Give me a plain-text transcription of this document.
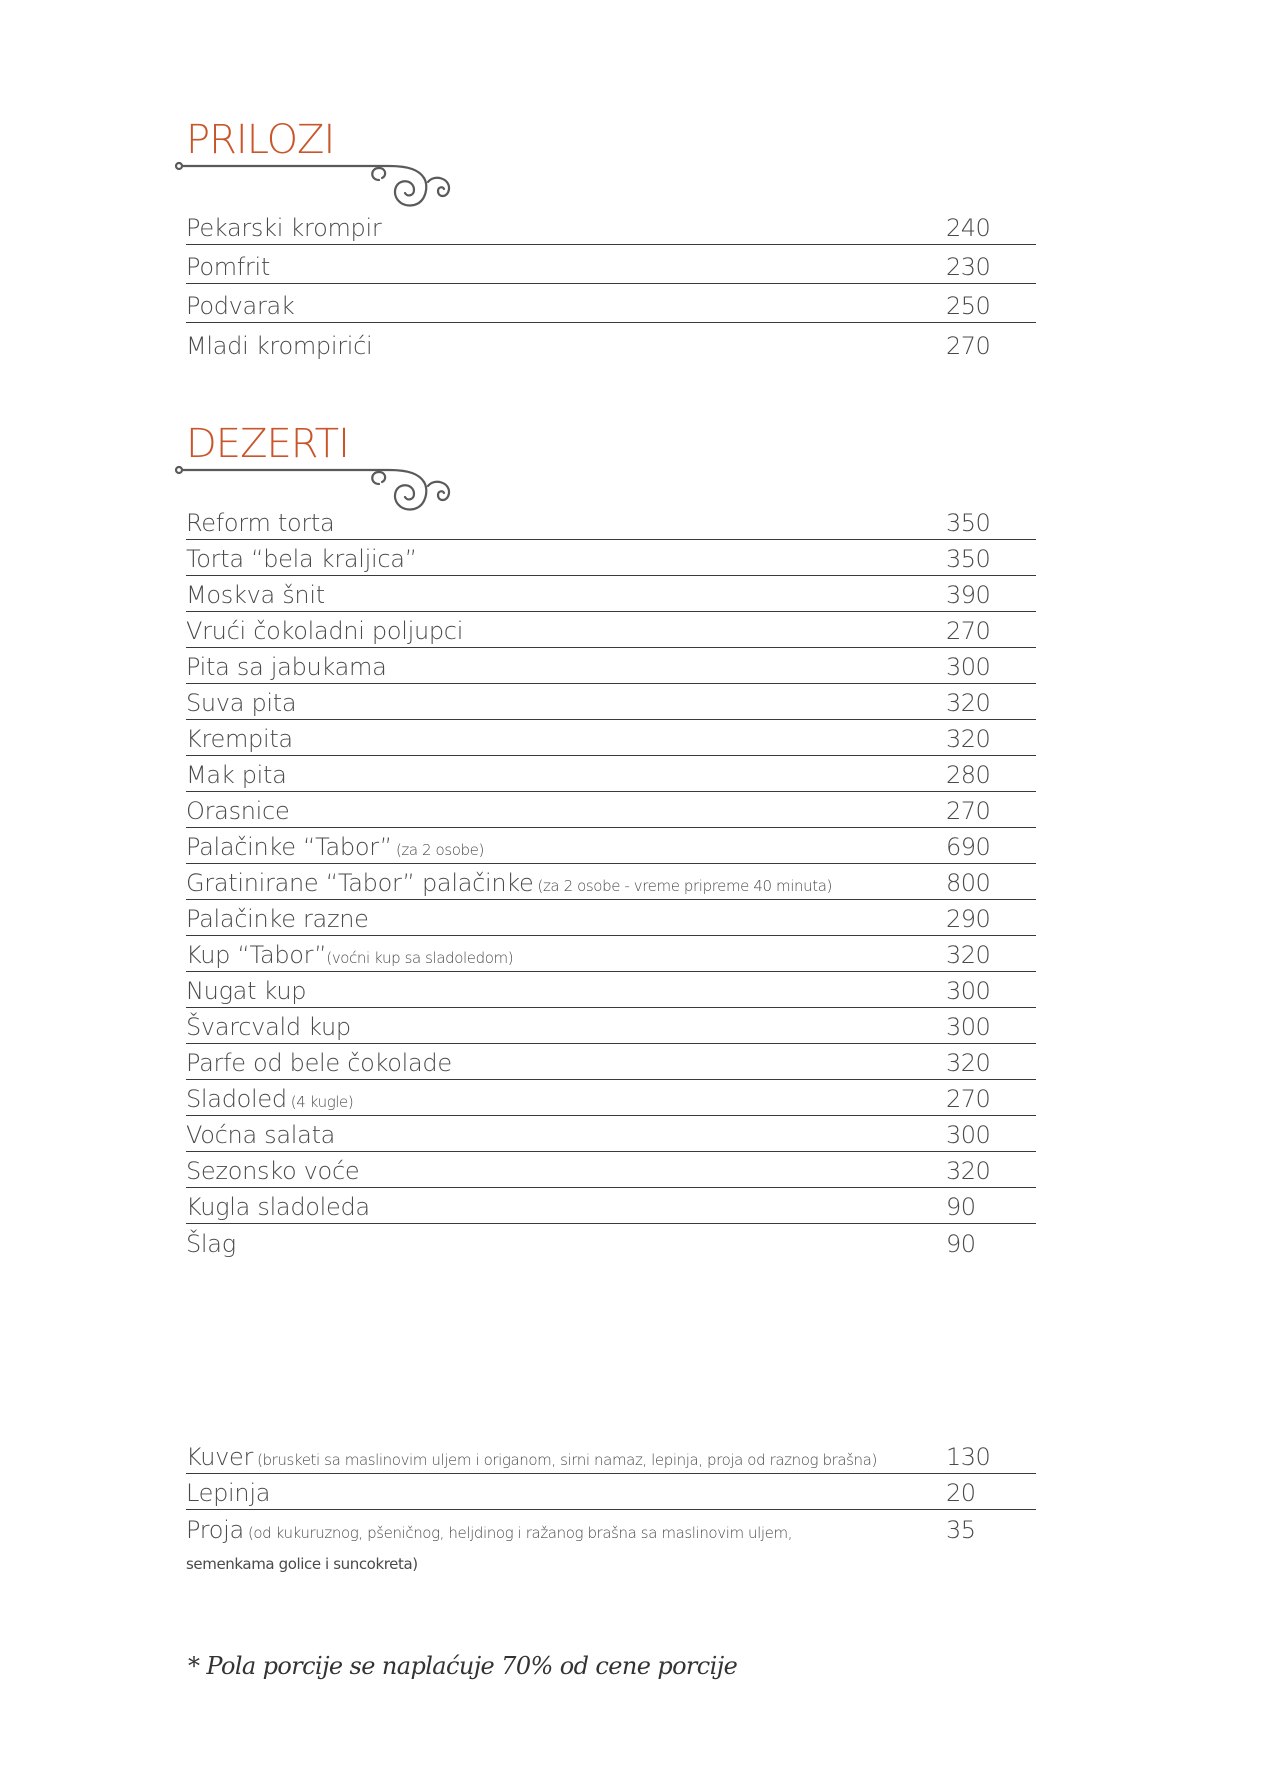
PRILOZI
Pekarski krompir	240
Pomfrit	230
Podvarak	250
Mladi krompirići	270
DEZERTI
Reform torta	350
Torta “bela kraljica”	350
Moskva šnit	390
Vrući čokoladni poljupci	270
Pita sa jabukama	300
Suva pita	320
Krempita	320
Mak pita	280
Orasnice	270
Palačinke “Tabor” (za 2 osobe)	690
Gratinirane “Tabor” palačinke (za 2 osobe - vreme pripreme 40 minuta)	800
Palačinke razne	290
Kup “Tabor”(voćni kup sa sladoledom)	320
Nugat kup	300
Švarcvald kup	300
Parfe od bele čokolade	320
Sladoled (4 kugle)	270
Voćna salata	300
Sezonsko voće	320
Kugla sladoleda	90
Šlag	90
Kuver (brusketi sa maslinovim uljem i origanom, sirni namaz, lepinja, proja od raznog brašna)	130
Lepinja	20
Proja (od kukuruznog, pšeničnog, heljdinog i ražanog brašna sa maslinovim uljem,	35
semenkama golice i suncokreta)

* Pola porcije se naplaćuje 70% od cene porcije
